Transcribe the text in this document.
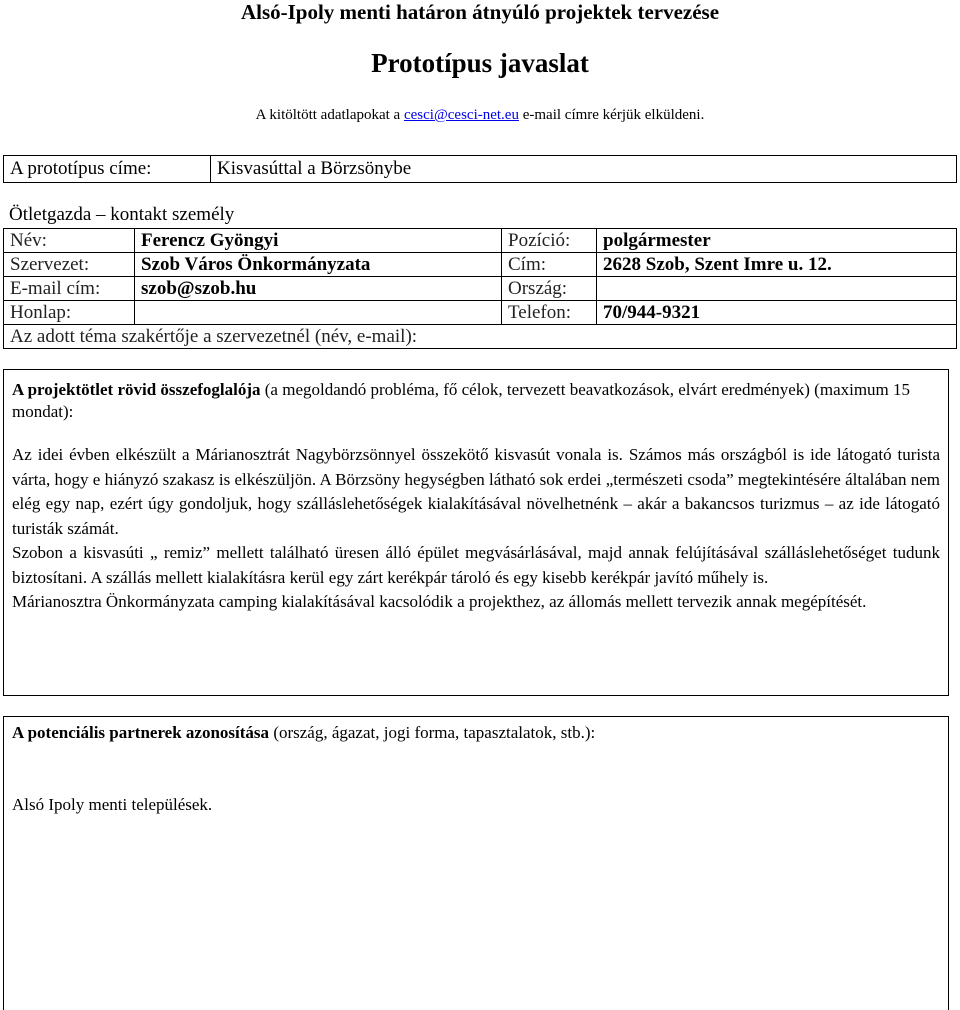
Alsó-Ipoly menti határon átnyúló projektek tervezése
Prototípus javaslat
A kitöltött adatlapokat a cesci@cesci-net.eu e-mail címre kérjük elküldeni.
A prototípus címe:	Kisvasúttal a Börzsönybe
Ötletgazda – kontakt személy
Név:	Ferencz Gyöngyi	Pozíció:	polgármester
Szervezet:	Szob Város Önkormányzata	Cím:	2628 Szob, Szent Imre u. 12.
E-mail cím:	szob@szob.hu	Ország:	
Honlap:		Telefon:	70/944-9321
Az adott téma szakértője a szervezetnél (név, e-mail):			
A projektötlet rövid összefoglalója (a megoldandó probléma, fő célok, tervezett beavatkozások, elvárt eredmények) (maximum 15 mondat):
Az idei évben elkészült a Márianosztrát Nagybörzsönnyel összekötő kisvasút vonala is. Számos más országból is ide látogató turista várta, hogy e hiányzó szakasz is elkészüljön. A Börzsöny hegységben látható sok erdei „természeti csoda” megtekintésére általában nem elég egy nap, ezért úgy gondoljuk, hogy szálláslehetőségek kialakításával növelhetnénk – akár a bakancsos turizmus – az ide látogató turisták számát.
Szobon a kisvasúti „ remiz” mellett található üresen álló épület megvásárlásával, majd annak felújításával szálláslehetőséget tudunk biztosítani. A szállás mellett kialakításra kerül egy zárt kerékpár tároló és egy kisebb kerékpár javító műhely is.
Márianosztra Önkormányzata camping kialakításával kacsolódik a projekthez, az állomás mellett tervezik annak megépítését.
A potenciális partnerek azonosítása (ország, ágazat, jogi forma, tapasztalatok, stb.):
Alsó Ipoly menti települések.
